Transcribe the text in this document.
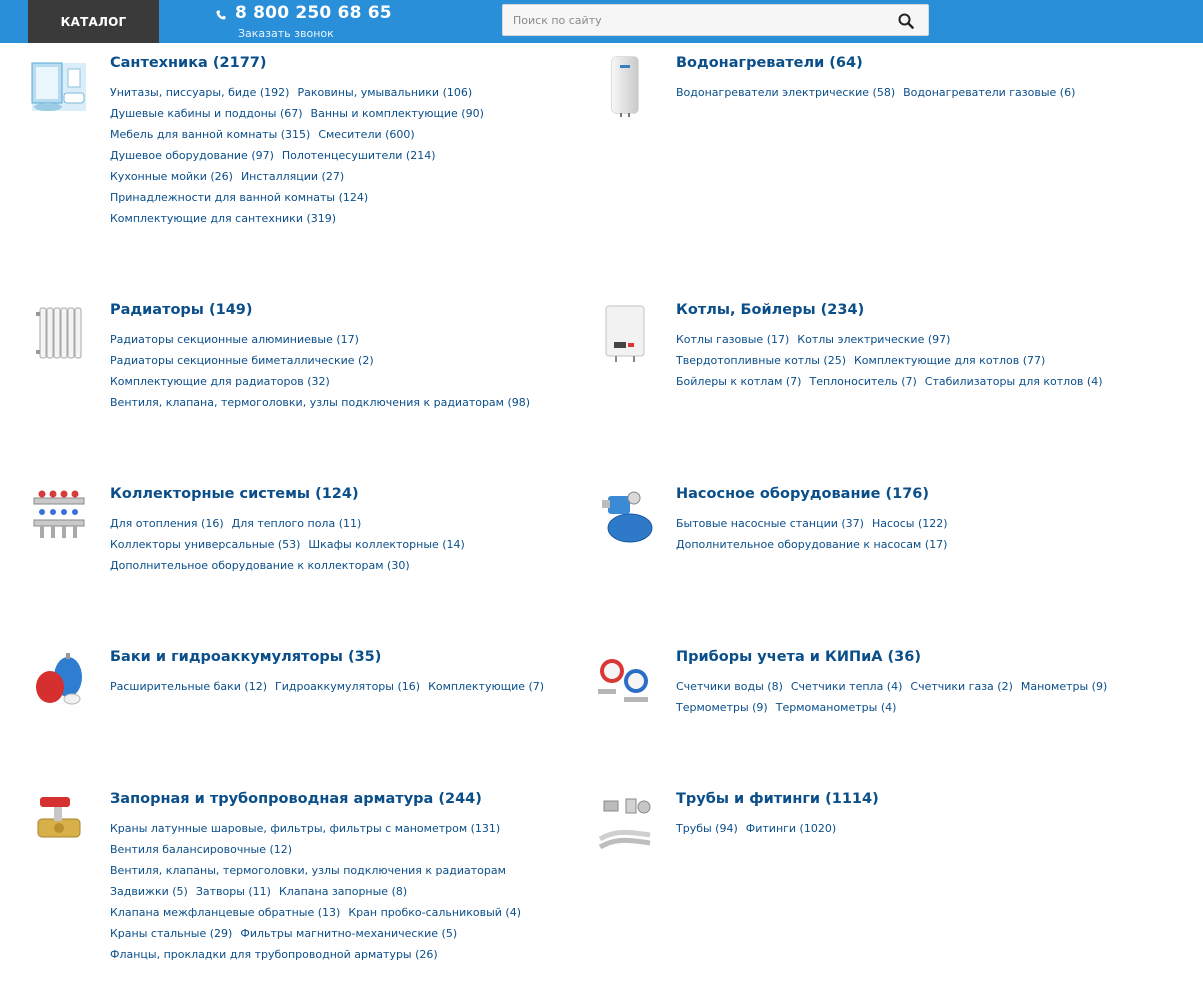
КАТАЛОГ	8 800 250 68 65
Заказать звонок
Поиск по сайту
Сантехника (2177)
Унитазы, писсуары, биде (192) Раковины, умывальники (106)
Душевые кабины и поддоны (67) Ванны и комплектующие (90)
Мебель для ванной комнаты (315) Смесители (600)
Душевое оборудование (97) Полотенцесушители (214)
Кухонные мойки (26) Инсталляции (27)
Принадлежности для ванной комнаты (124)
Комплектующие для сантехники (319)
Водонагреватели (64)
Водонагреватели электрические (58) Водонагреватели газовые (6)
Радиаторы (149)
Радиаторы секционные алюминиевые (17)
Радиаторы секционные биметаллические (2)
Комплектующие для радиаторов (32)
Вентиля, клапана, термоголовки, узлы подключения к радиаторам (98)
Котлы, Бойлеры (234)
Котлы газовые (17) Котлы электрические (97)
Твердотопливные котлы (25) Комплектующие для котлов (77)
Бойлеры к котлам (7) Теплоноситель (7) Стабилизаторы для котлов (4)
Коллекторные системы (124)
Для отопления (16) Для теплого пола (11)
Коллекторы универсальные (53) Шкафы коллекторные (14)
Дополнительное оборудование к коллекторам (30)
Насосное оборудование (176)
Бытовые насосные станции (37) Насосы (122)
Дополнительное оборудование к насосам (17)
Баки и гидроаккумуляторы (35)
Расширительные баки (12) Гидроаккумуляторы (16) Комплектующие (7)
Приборы учета и КИПиА (36)
Счетчики воды (8) Счетчики тепла (4) Счетчики газа (2) Манометры (9)
Термометры (9) Термоманометры (4)
Запорная и трубопроводная арматура (244)
Краны латунные шаровые, фильтры, фильтры с манометром (131)
Вентиля балансировочные (12)
Вентиля, клапаны, термоголовки, узлы подключения к радиаторам
Задвижки (5) Затворы (11) Клапана запорные (8)
Клапана межфланцевые обратные (13) Кран пробко-сальниковый (4)
Краны стальные (29) Фильтры магнитно-механические (5)
Фланцы, прокладки для трубопроводной арматуры (26)
Трубы и фитинги (1114)
Трубы (94) Фитинги (1020)
